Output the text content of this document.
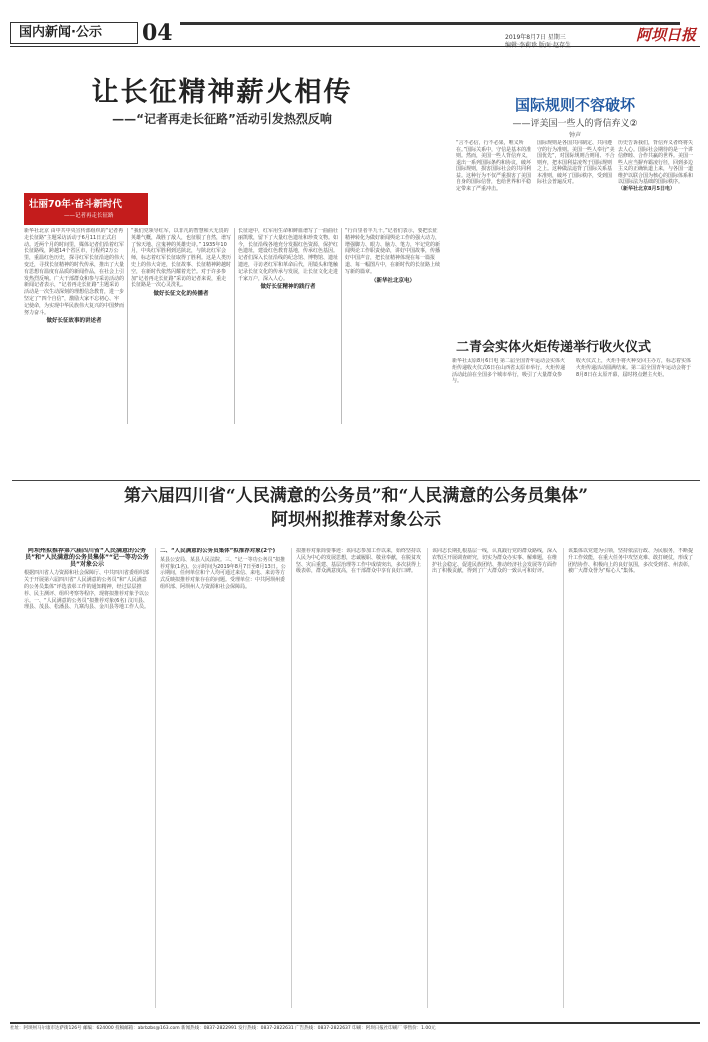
国内新闻·公示	04	2019年8月7日 星期三	阿坝日报
让长征精神薪火相传
——“记者再走长征路”活动引发热烈反响
壮丽70年·奋斗新时代
——记者再走长征路
新华社北京 由中共中央宣传部组织的“记者再走长征路”主题采访活动于6月11日正式启动。近两个月的时间里，媒体记者们沿着红军长征路线，跨越14个省区市，行程约2万公里，重温红色历史，探寻红军长征沿途的伟大变迁，寻找长征精神的时代传承，推出了大量有思想有温度有品质的新闻作品，在社会上引发热烈反响。广大干部群众和参与采访活动的新闻记者表示，“记者再走长征路”主题采访活动是一次生动深刻的理想信念教育，进一步坚定了“四个自信”，激励大家不忘初心、牢记使命，为实现中华民族伟大复兴的中国梦而努力奋斗。
做好长征故事的讲述者
“我们党领导红军，以非凡的智慧和大无畏的英雄气概，战胜了敌人，也征服了自然，谱写了惊天地、泣鬼神的英雄史诗。” 1935年10月，中央红军胜利到达陕北，与陕北红军会师，标志着红军长征取得了胜利。这是人类历史上的伟大奇迹，长征故事、长征精神跨越时空，在新时代依然闪耀着光芒。对于许多参加“记者再走长征路”采访的记者来说，重走长征路是一次心灵洗礼。
做好长征文化的传播者
长征途中，红军用生命和鲜血谱写了一曲曲壮丽凯歌，留下了大量红色遗址和珍贵文物。如今，长征沿线各地充分发掘红色资源，保护红色遗址，建设红色教育基地，传承红色基因。记者们深入长征沿线的纪念馆、博物馆、遗址遗迹，寻访老红军和革命后代，用镜头和笔触记录长征文化的传承与发展，让长征文化走进千家万户，深入人心。
做好长征精神的践行者
“行百里者半九十。”记者们表示，要把长征精神转化为做好新闻舆论工作的强大动力，增强脚力、眼力、脑力、笔力，牢记党的新闻舆论工作职责使命，讲好中国故事，传播好中国声音，把长征精神体现在每一篇报道、每一幅图片中，在新时代的长征路上续写新的篇章。
（新华社北京电）
国际规则不容破坏
——评美国一些人的背信弃义②
钟声
“言不必信，行不必果，唯义所在。”国际关系中，守信是基本的准则。然而，美国一些人背信弃义，退出一系列国际条约和协议，破坏国际规则，损害国际社会的共同利益。这种行为不仅严重损害了美国自身的国际信誉，也给世界和平稳定带来了严重冲击。
国际规则是各国共同制定、共同遵守的行为准则。美国一些人奉行“美国优先”，对国际规则合则用、不合则弃，把本国利益凌驾于国际规则之上。这种做法违背了国际关系基本准则，破坏了国际秩序，受到国际社会普遍反对。
历史告诉我们，背信弃义者终将失去人心。国际社会期待的是一个讲信修睦、合作共赢的世界。美国一些人应当摒弃霸凌行径，回到多边主义的正确轨道上来，与各国一道维护以联合国为核心的国际体系和以国际法为基础的国际秩序。
（新华社北京8月5日电）
二青会实体火炬传递举行收火仪式
新华社太原8月6日电 第二届全国青年运动会实体火炬传递收火仪式6日在山西省太原市举行。火炬传递活动此前在全国多个城市举行，吸引了大量群众参与。
收火仪式上，火炬手将火种交回主办方，标志着实体火炬传递活动圆满结束。第二届全国青年运动会将于8月8日在太原开幕，届时将点燃主火炬。
第六届四川省“人民满意的公务员”和“人民满意的公务员集体”
阿坝州拟推荐对象公示
阿坝州拟推荐第六届四川省“人民满意的公务员”和“人民满意的公务员集体”“记一等功公务员”对象公示
根据四川省人力资源和社会保障厅、中共四川省委组织部关于开展第六届四川省“人民满意的公务员”和“人民满意的公务员集体”评选表彰工作的通知精神，经过层层推荐、民主测评、组织考察等程序，现将拟推荐对象予以公示。一、“人民满意的公务员”拟推荐对象(6名) 汶川县、理县、茂县、松潘县、九寨沟县、金川县等地工作人员。
二、“人民满意的公务员集体”拟推荐对象(2个)
某县公安局、某县人民法院。三、“记一等功公务员”拟推荐对象(1名)。公示时间为2019年8月7日至8月13日。公示期间，任何单位和个人均可通过来信、来电、来访等方式反映拟推荐对象存在的问题。受理单位：中共阿坝州委组织部、阿坝州人力资源和社会保障局。
拟推荐对象简要事迹：该同志参加工作以来，始终坚持以人民为中心的发展思想，忠诚履职、敬业奉献，在脱贫攻坚、灾后重建、基层治理等工作中成绩突出，多次获得上级表彰，群众满意度高，在干部群众中享有良好口碑。
该同志长期扎根基层一线，认真践行党的群众路线，深入农牧区开展调查研究，切实为群众办实事、解难题，在维护社会稳定、促进民族团结、推动经济社会发展等方面作出了积极贡献，得到了广大群众的一致认可和好评。
该集体以党建为引领，坚持依法行政、为民服务，不断提升工作效能，在重大任务中攻坚克难、敢打硬仗，形成了团结协作、积极向上的良好氛围，多次受到省、州表彰，被广大群众誉为“贴心人”集体。
社址：阿坝州马尔康市达萨街126号 邮编：624000 投稿邮箱：abrbzbs@163.com 新闻热线：0837-2822991 发行热线：0837-2822631 广告热线：0837-2822637 印刷：阿坝日报社印刷厂 零售价：1.00元
